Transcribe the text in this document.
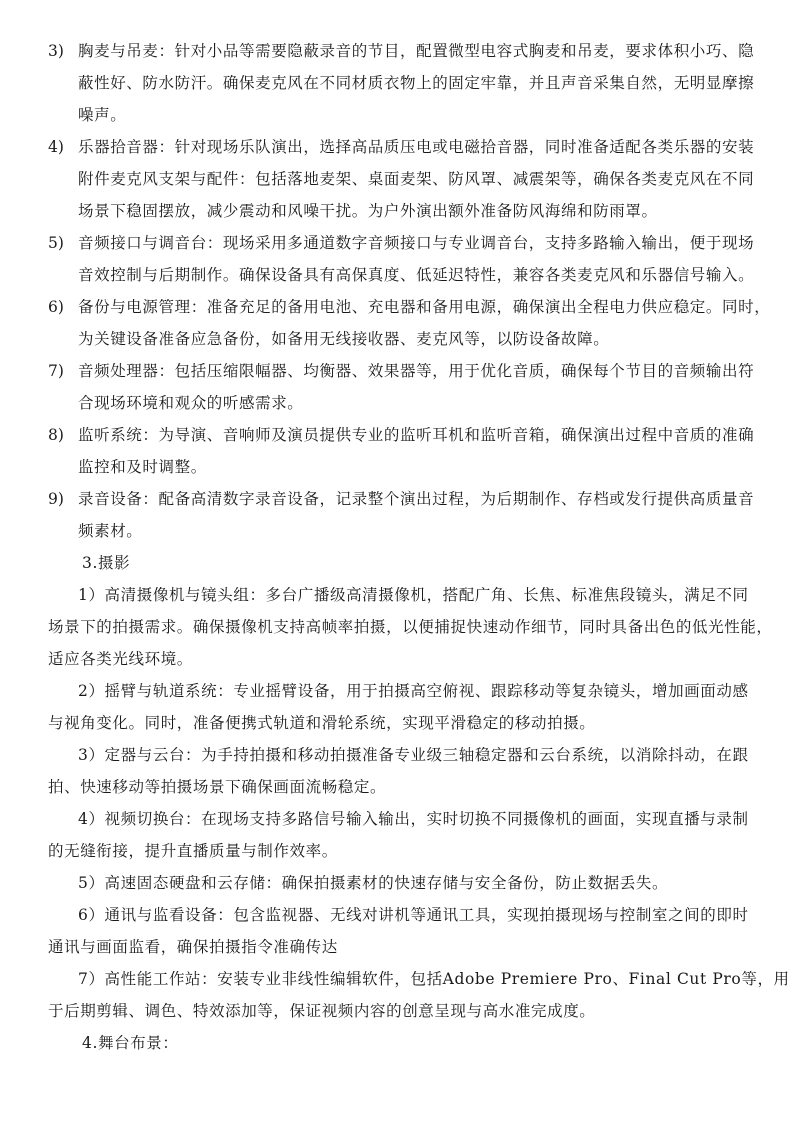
3) 胸麦与吊麦：针对小品等需要隐蔽录音的节目，配置微型电容式胸麦和吊麦，要求体积小巧、隐
蔽性好、防水防汗。确保麦克风在不同材质衣物上的固定牢靠，并且声音采集自然，无明显摩擦
噪声。
4) 乐器拾音器：针对现场乐队演出，选择高品质压电或电磁拾音器，同时准备适配各类乐器的安装
附件麦克风支架与配件：包括落地麦架、桌面麦架、防风罩、减震架等，确保各类麦克风在不同
场景下稳固摆放，减少震动和风噪干扰。为户外演出额外准备防风海绵和防雨罩。
5) 音频接口与调音台：现场采用多通道数字音频接口与专业调音台，支持多路输入输出，便于现场
音效控制与后期制作。确保设备具有高保真度、低延迟特性，兼容各类麦克风和乐器信号输入。
6) 备份与电源管理：准备充足的备用电池、充电器和备用电源，确保演出全程电力供应稳定。同时，
为关键设备准备应急备份，如备用无线接收器、麦克风等，以防设备故障。
7) 音频处理器：包括压缩限幅器、均衡器、效果器等，用于优化音质，确保每个节目的音频输出符
合现场环境和观众的听感需求。
8) 监听系统：为导演、音响师及演员提供专业的监听耳机和监听音箱，确保演出过程中音质的准确
监控和及时调整。
9) 录音设备：配备高清数字录音设备，记录整个演出过程，为后期制作、存档或发行提供高质量音
频素材。
3.摄影
1）高清摄像机与镜头组：多台广播级高清摄像机，搭配广角、长焦、标准焦段镜头，满足不同
场景下的拍摄需求。确保摄像机支持高帧率拍摄，以便捕捉快速动作细节，同时具备出色的低光性能，
适应各类光线环境。
2）摇臂与轨道系统：专业摇臂设备，用于拍摄高空俯视、跟踪移动等复杂镜头，增加画面动感
与视角变化。同时，准备便携式轨道和滑轮系统，实现平滑稳定的移动拍摄。
3）定器与云台：为手持拍摄和移动拍摄准备专业级三轴稳定器和云台系统，以消除抖动，在跟
拍、快速移动等拍摄场景下确保画面流畅稳定。
4）视频切换台：在现场支持多路信号输入输出，实时切换不同摄像机的画面，实现直播与录制
的无缝衔接，提升直播质量与制作效率。
5）高速固态硬盘和云存储：确保拍摄素材的快速存储与安全备份，防止数据丢失。
6）通讯与监看设备：包含监视器、无线对讲机等通讯工具，实现拍摄现场与控制室之间的即时
通讯与画面监看，确保拍摄指令准确传达
7）高性能工作站：安装专业非线性编辑软件，包括Adobe Premiere Pro、Final Cut Pro等，用
于后期剪辑、调色、特效添加等，保证视频内容的创意呈现与高水准完成度。
4.舞台布景：
